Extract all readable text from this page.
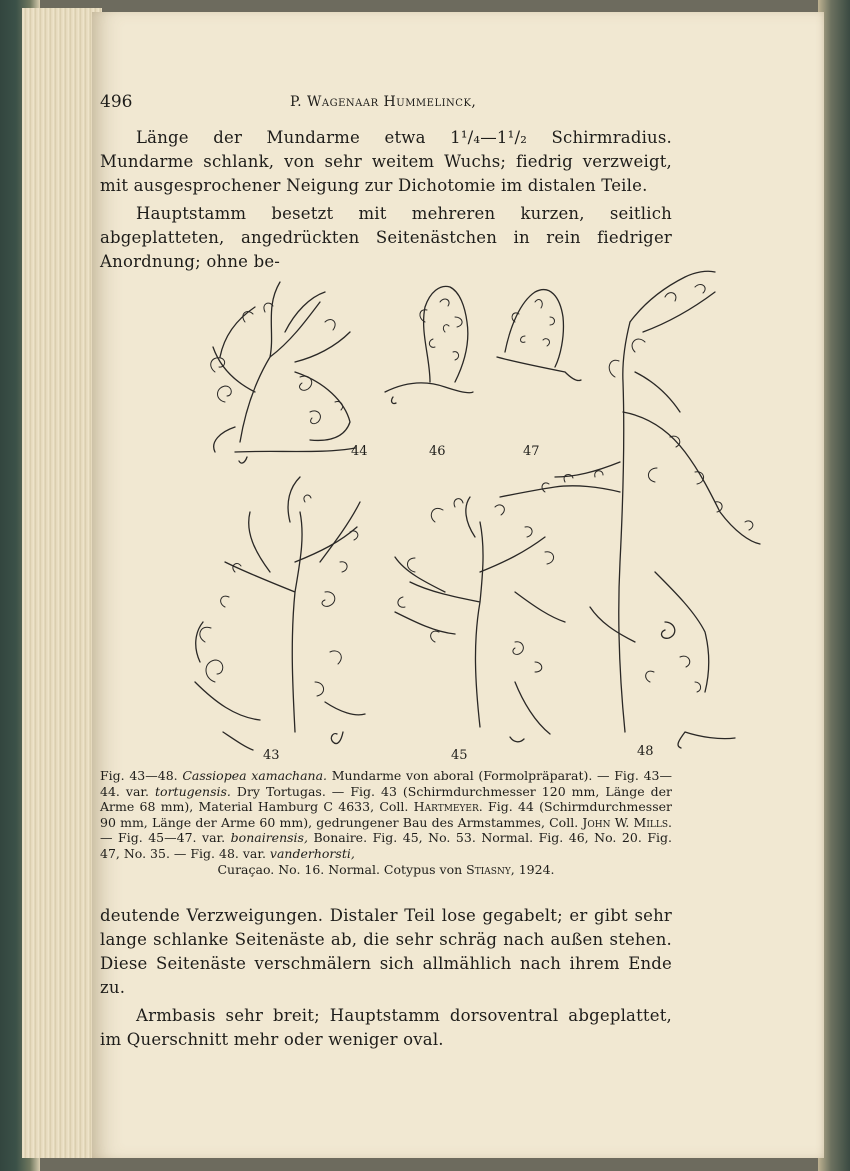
496	P. Wagenaar Hummelinck,

Länge der Mundarme etwa 1¹/₄—1¹/₂ Schirmradius. Mundarme schlank, von sehr weitem Wuchs; fiedrig verzweigt, mit ausgesprochener Neigung zur Dichotomie im distalen Teile.

Hauptstamm besetzt mit mehreren kurzen, seitlich abgeplatteten, angedrückten Seitenästchen in rein fiedriger Anordnung; ohne be-

44	46	47
43	45	48
Fig. 43—48. Cassiopea xamachana. Mundarme von aboral (Formolpräparat). — Fig. 43—44. var. tortugensis. Dry Tortugas. — Fig. 43 (Schirmdurchmesser 120 mm, Länge der Arme 68 mm), Material Hamburg C 4633, Coll. Hartmeyer. Fig. 44 (Schirmdurchmesser 90 mm, Länge der Arme 60 mm), gedrungener Bau des Armstammes, Coll. John W. Mills. — Fig. 45—47. var. bonairensis, Bonaire. Fig. 45, No. 53. Normal. Fig. 46, No. 20. Fig. 47, No. 35. — Fig. 48. var. vanderhorsti,
Curaçao. No. 16. Normal. Cotypus von Stiasny, 1924.

deutende Verzweigungen. Distaler Teil lose gegabelt; er gibt sehr lange schlanke Seitenäste ab, die sehr schräg nach außen stehen. Diese Seitenäste verschmälern sich allmählich nach ihrem Ende zu.

Armbasis sehr breit; Hauptstamm dorsoventral abgeplattet, im Querschnitt mehr oder weniger oval.
